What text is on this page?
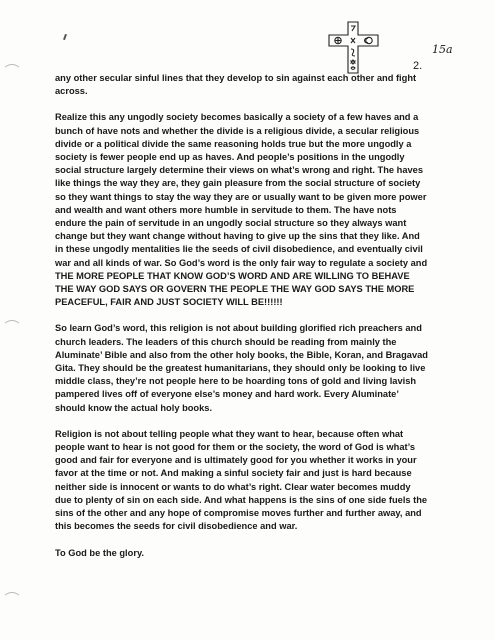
15a
2.

any other secular sinful lines that they develop to sin against each other and fight across.

Realize this any ungodly society becomes basically a society of a few haves and a bunch of have nots and whether the divide is a religious divide, a secular religious divide or a political divide the same reasoning holds true but the more ungodly a society is fewer people end up as haves. And people’s positions in the ungodly social structure largely determine their views on what’s wrong and right. The haves like things the way they are, they gain pleasure from the social structure of society so they want things to stay the way they are or usually want to be given more power and wealth and want others more humble in servitude to them. The have nots endure the pain of servitude in an ungodly social structure so they always want change but they want change without having to give up the sins that they like. And in these ungodly mentalities lie the seeds of civil disobedience, and eventually civil war and all kinds of war. So God’s word is the only fair way to regulate a society and THE MORE PEOPLE THAT KNOW GOD’S WORD AND ARE WILLING TO BEHAVE THE WAY GOD SAYS OR GOVERN THE PEOPLE THE WAY GOD SAYS THE MORE PEACEFUL, FAIR AND JUST SOCIETY WILL BE!!!!!!

So learn God’s word, this religion is not about building glorified rich preachers and church leaders. The leaders of this church should be reading from mainly the Aluminate’ Bible and also from the other holy books, the Bible, Koran, and Bragavad Gita. They should be the greatest humanitarians, they should only be looking to live middle class, they’re not people here to be hoarding tons of gold and living lavish pampered lives off of everyone else’s money and hard work. Every Aluminate’ should know the actual holy books.

Religion is not about telling people what they want to hear, because often what people want to hear is not good for them or the society, the word of God is what’s good and fair for everyone and is ultimately good for you whether it works in your favor at the time or not. And making a sinful society fair and just is hard because neither side is innocent or wants to do what’s right. Clear water becomes muddy due to plenty of sin on each side. And what happens is the sins of one side fuels the sins of the other and any hope of compromise moves further and further away, and this becomes the seeds for civil disobedience and war.

To God be the glory.
